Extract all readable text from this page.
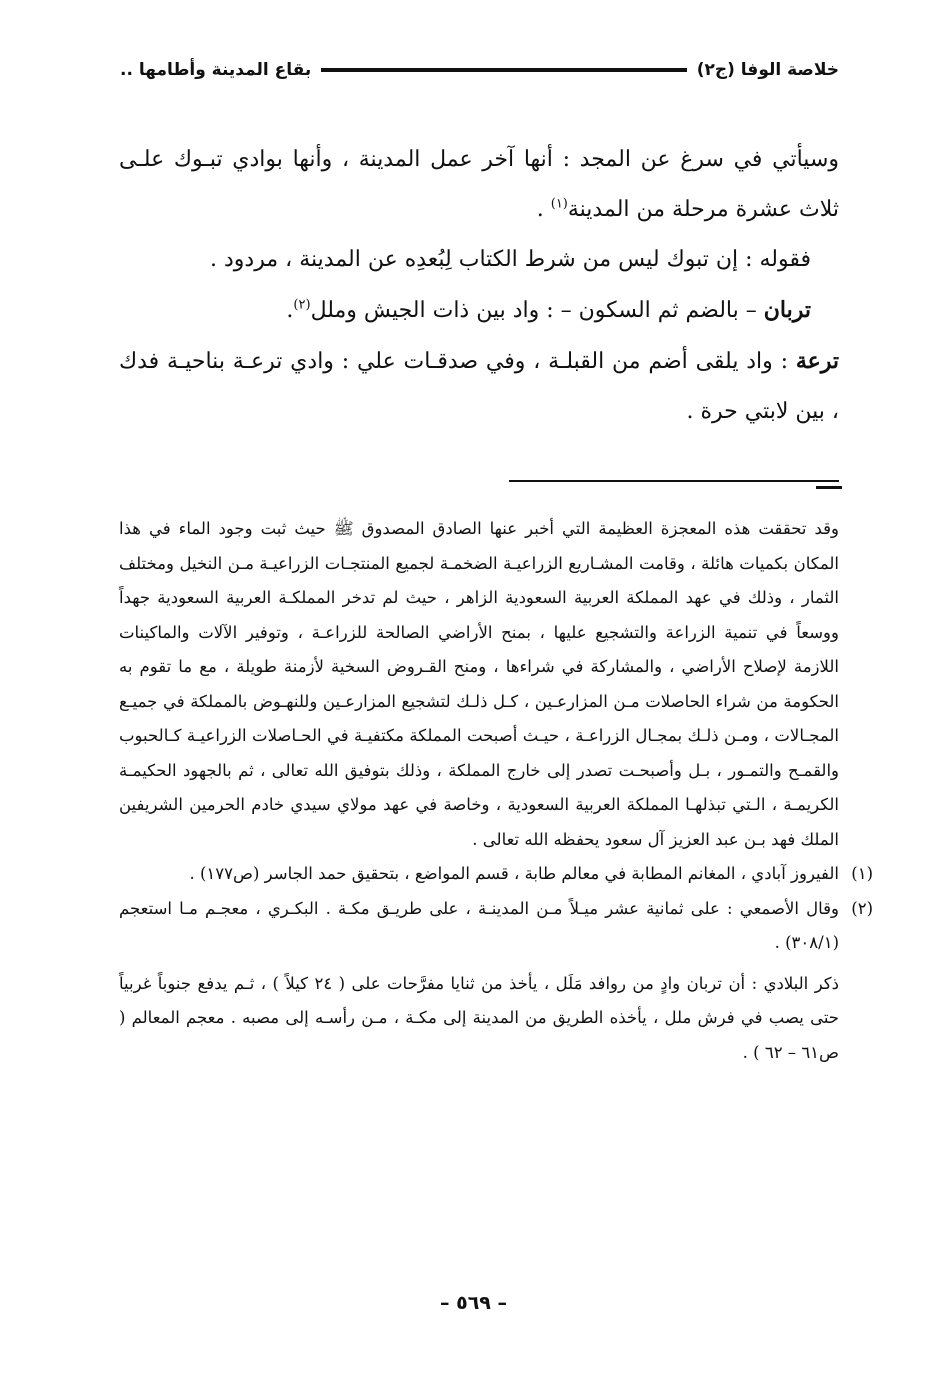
خلاصة الوفا (ج٢)
بقاع المدينة وأطامها ..

وسيأتي في سرغ عن المجد : أنها آخر عمل المدينة ، وأنها بوادي تبـوك علـى ثلاث عشرة مرحلة من المدينة$^{(١)}$ .

فقوله : إن تبوك ليس من شرط الكتاب لِبُعدِه عن المدينة ، مردود .

تربان – بالضم ثم السكون – : واد بين ذات الجيش وملل$^{(٢)}$.

ترعة : واد يلقى أضم من القبلـة ، وفي صدقـات علي : وادي ترعـة بناحيـة فدك ، بين لابتي حرة .

وقد تحققت هذه المعجزة العظيمة التي أخبر عنها الصادق المصدوق ﷺ حيث ثبت وجود الماء في هذا المكان بكميات هائلة ، وقامت المشـاريع الزراعيـة الضخمـة لجميع المنتجـات الزراعيـة مـن النخيل ومختلف الثمار ، وذلك في عهد المملكة العربية السعودية الزاهر ، حيث لم تدخر المملكـة العربية السعودية جهداً ووسعاً في تنمية الزراعة والتشجيع عليها ، بمنح الأراضي الصالحة للزراعـة ، وتوفير الآلات والماكينات اللازمة لإصلاح الأراضي ، والمشاركة في شراءها ، ومنح القـروض السخية لأزمنة طويلة ، مع ما تقوم به الحكومة من شراء الحاصلات مـن المزارعـين ، كـل ذلـك لتشجيع المزارعـين وللنهـوض بالمملكة في جميـع المجـالات ، ومـن ذلـك بمجـال الزراعـة ، حيـث أصبحت المملكة مكتفيـة في الحـاصلات الزراعيـة كـالحبوب والقمـح والتمـور ، بـل وأصبحـت تصدر إلى خارج المملكة ، وذلك بتوفيق الله تعالى ، ثم بالجهود الحكيمـة الكريمـة ، الـتي تبذلهـا المملكة العربية السعودية ، وخاصة في عهد مولاي سيدي خادم الحرمين الشريفين الملك فهد بـن عبد العزيز آل سعود يحفظه الله تعالى .

(١)
الفيروز آبادي ، المغانم المطابة في معالم طابة ، قسم المواضع ، بتحقيق حمد الجاسر (ص١٧٧) .
(٢)
وقال الأصمعي : على ثمانية عشر ميـلاً مـن المدينـة ، على طريـق مكـة . البكـري ، معجـم مـا استعجم (٣٠٨/١) .

ذكر البلادي : أن تربان وادٍ من روافد مَلَل ، يأخذ من ثنايا مفرَّحات على ( ٢٤ كيلاً ) ، ثـم يدفع جنوباً غربياً حتى يصب في فرش ملل ، يأخذه الطريق من المدينة إلى مكـة ، مـن رأسـه إلى مصبه . معجم المعالم ( ص٦١ – ٦٢ ) .

– ٥٦٩ –
